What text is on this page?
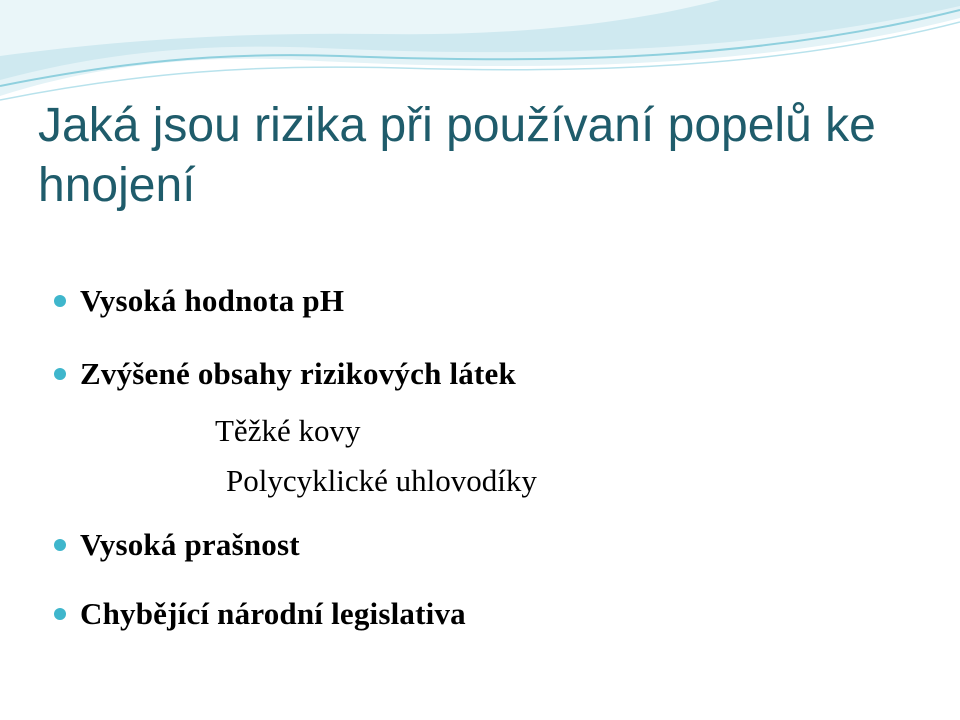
Jaká jsou rizika při používaní popelů ke hnojení
Vysoká hodnota pH
Zvýšené obsahy rizikových látek
Těžké kovy
Polycyklické uhlovodíky
Vysoká prašnost
Chybějící národní legislativa
